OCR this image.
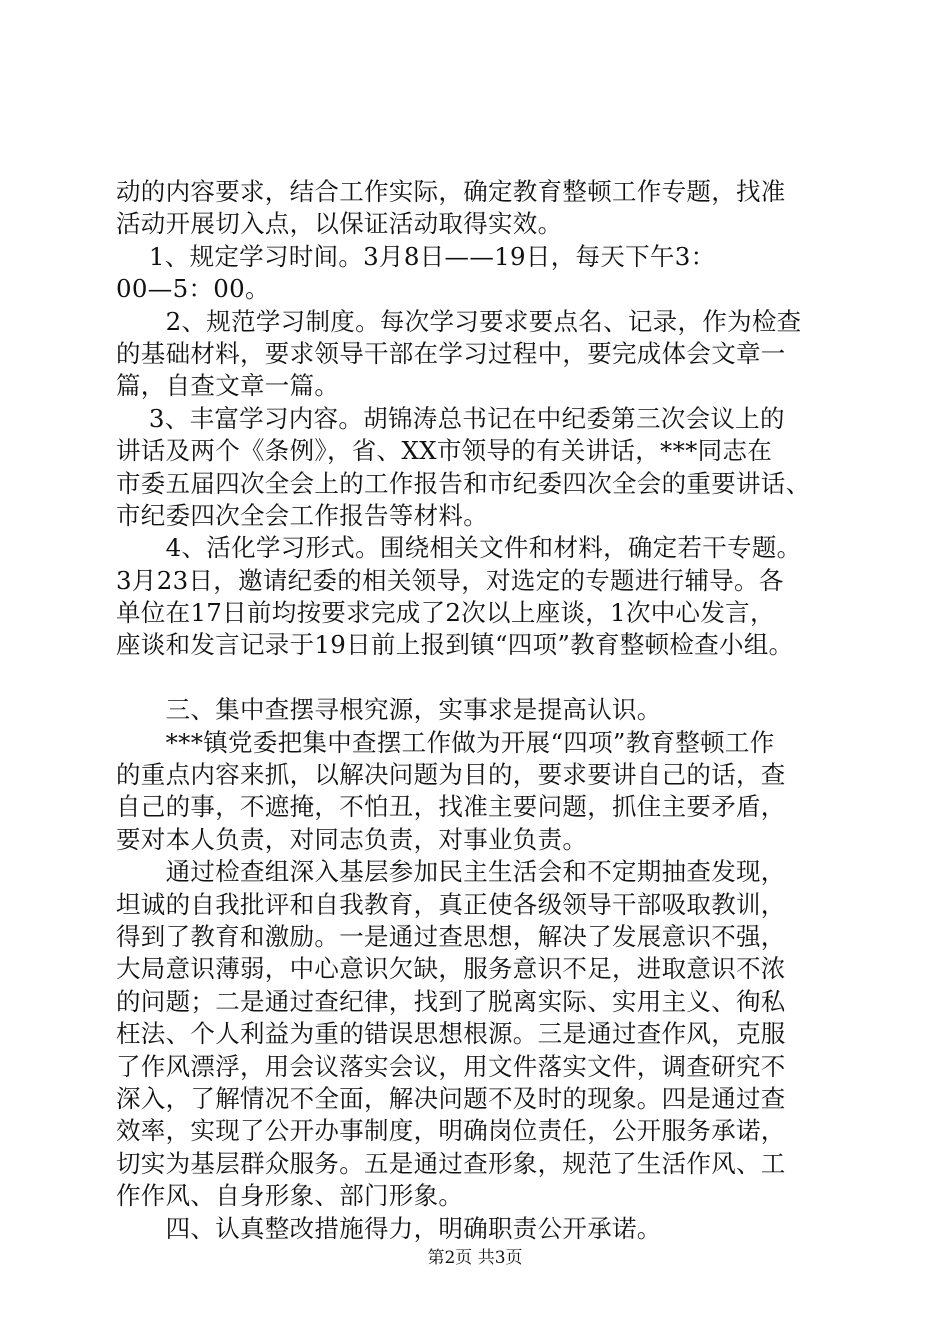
动的内容要求，结合工作实际，确定教育整顿工作专题，找准
活动开展切入点，以保证活动取得实效。
　 1、规定学习时间。3月8日——19日，每天下午3：
00—5：00。
　　2、规范学习制度。每次学习要求要点名、记录，作为检查
的基础材料，要求领导干部在学习过程中，要完成体会文章一
篇，自查文章一篇。
　 3、丰富学习内容。胡锦涛总书记在中纪委第三次会议上的
讲话及两个《条例》，省、XX市领导的有关讲话，***同志在
市委五届四次全会上的工作报告和市纪委四次全会的重要讲话、
市纪委四次全会工作报告等材料。
　　4、活化学习形式。围绕相关文件和材料，确定若干专题。
3月23日，邀请纪委的相关领导，对选定的专题进行辅导。各
单位在17日前均按要求完成了2次以上座谈，1次中心发言，
座谈和发言记录于19日前上报到镇“四项”教育整顿检查小组。
　　三、集中查摆寻根究源，实事求是提高认识。
　　***镇党委把集中查摆工作做为开展“四项”教育整顿工作
的重点内容来抓，以解决问题为目的，要求要讲自己的话，查
自己的事，不遮掩，不怕丑，找准主要问题，抓住主要矛盾，
要对本人负责，对同志负责，对事业负责。
　　通过检查组深入基层参加民主生活会和不定期抽查发现，
坦诚的自我批评和自我教育，真正使各级领导干部吸取教训，
得到了教育和激励。一是通过查思想，解决了发展意识不强，
大局意识薄弱，中心意识欠缺，服务意识不足，进取意识不浓
的问题；二是通过查纪律，找到了脱离实际、实用主义、徇私
枉法、个人利益为重的错误思想根源。三是通过查作风，克服
了作风漂浮，用会议落实会议，用文件落实文件，调查研究不
深入，了解情况不全面，解决问题不及时的现象。四是通过查
效率，实现了公开办事制度，明确岗位责任，公开服务承诺，
切实为基层群众服务。五是通过查形象，规范了生活作风、工
作作风、自身形象、部门形象。
　　四、认真整改措施得力，明确职责公开承诺。
第2页 共3页
